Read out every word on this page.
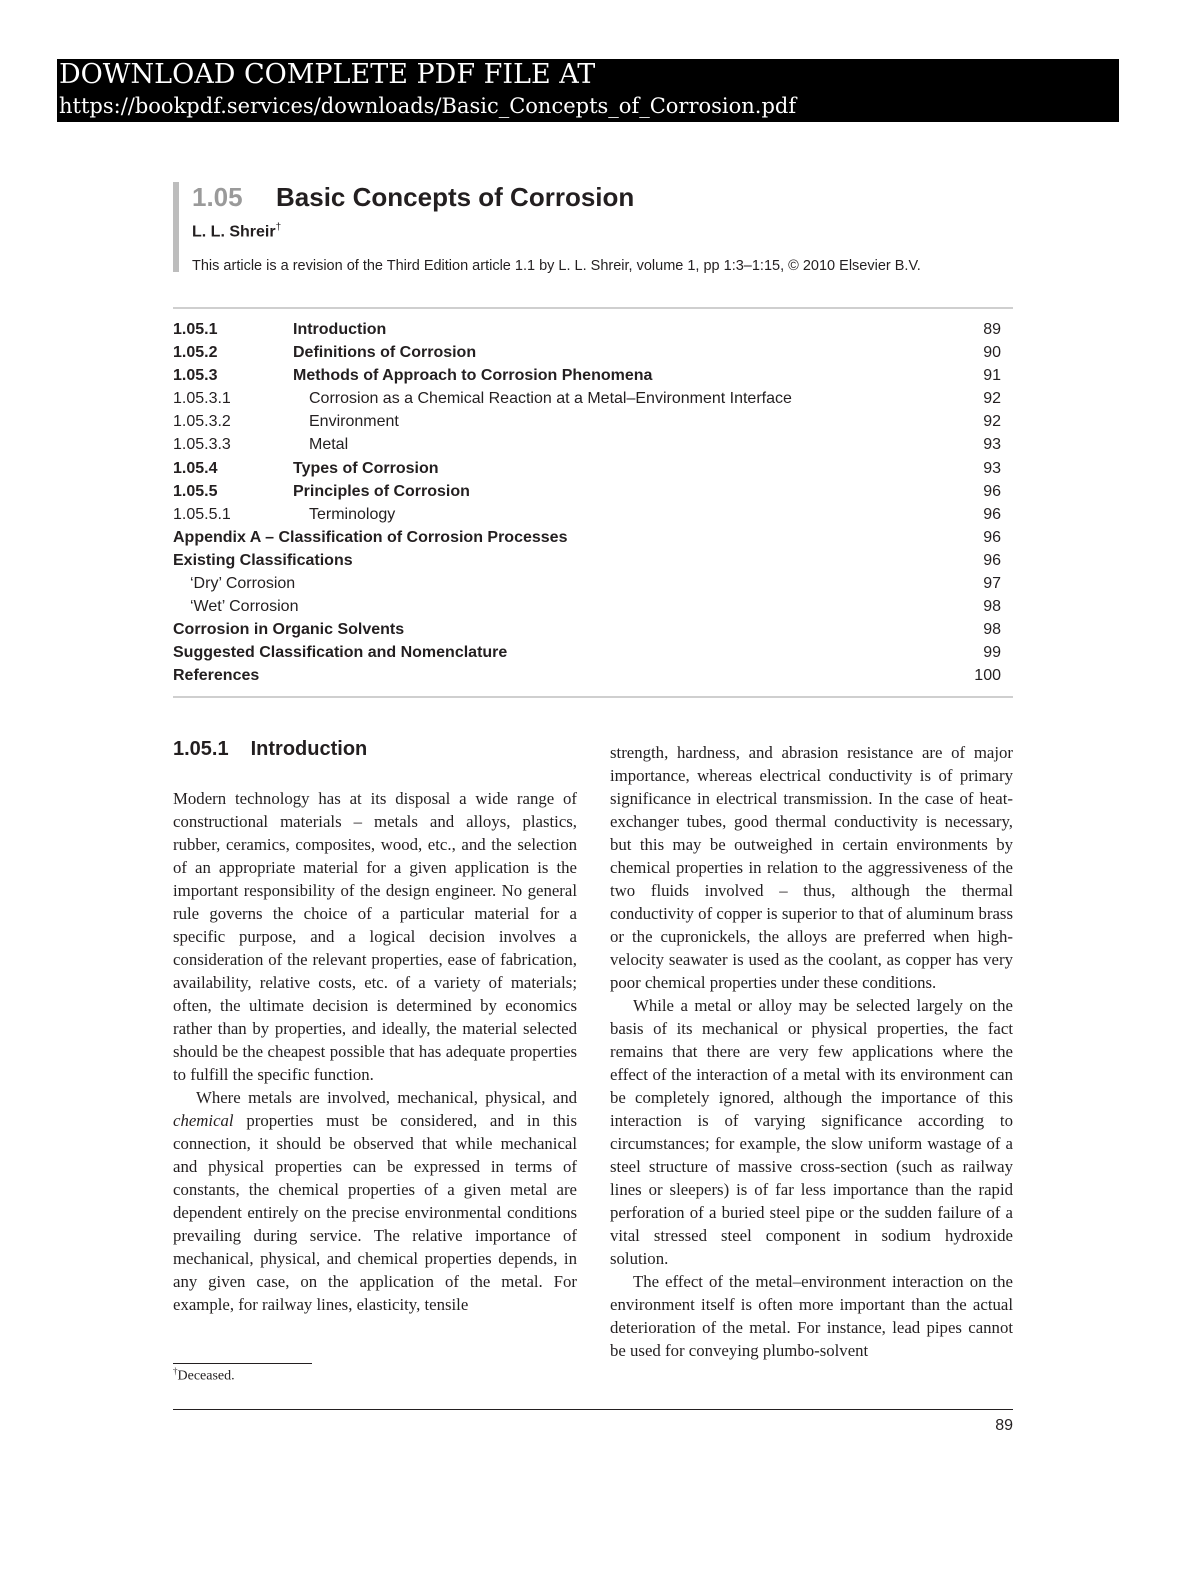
DOWNLOAD COMPLETE PDF FILE AT
https://bookpdf.services/downloads/Basic_Concepts_of_Corrosion.pdf
1.05 Basic Concepts of Corrosion
L. L. Shreir†
This article is a revision of the Third Edition article 1.1 by L. L. Shreir, volume 1, pp 1:3–1:15, © 2010 Elsevier B.V.
1.05.1	Introduction	89
1.05.2	Definitions of Corrosion	90
1.05.3	Methods of Approach to Corrosion Phenomena	91
1.05.3.1	Corrosion as a Chemical Reaction at a Metal–Environment Interface	92
1.05.3.2	Environment	92
1.05.3.3	Metal	93
1.05.4	Types of Corrosion	93
1.05.5	Principles of Corrosion	96
1.05.5.1	Terminology	96
Appendix A – Classification of Corrosion Processes	96
Existing Classifications	96
‘Dry’ Corrosion	97
‘Wet’ Corrosion	98
Corrosion in Organic Solvents	98
Suggested Classification and Nomenclature	99
References	100
1.05.1 Introduction

Modern technology has at its disposal a wide range of constructional materials – metals and alloys, plastics, rubber, ceramics, composites, wood, etc., and the selection of an appropriate material for a given application is the important responsibility of the design engineer. No general rule governs the choice of a particular material for a specific purpose, and a logical decision involves a consideration of the relevant properties, ease of fabrication, availability, relative costs, etc. of a variety of materials; often, the ultimate decision is determined by economics rather than by properties, and ideally, the material selected should be the cheapest possible that has adequate properties to fulfill the specific function.

Where metals are involved, mechanical, physical, and chemical properties must be considered, and in this connection, it should be observed that while mechanical and physical properties can be expressed in terms of constants, the chemical properties of a given metal are dependent entirely on the precise environmental conditions prevailing during service. The relative importance of mechanical, physical, and chemical properties depends, in any given case, on the application of the metal. For example, for railway lines, elasticity, tensile

strength, hardness, and abrasion resistance are of major importance, whereas electrical conductivity is of primary significance in electrical transmission. In the case of heat-exchanger tubes, good thermal conductivity is necessary, but this may be outweighed in certain environments by chemical properties in relation to the aggressiveness of the two fluids involved – thus, although the thermal conductivity of copper is superior to that of aluminum brass or the cupronickels, the alloys are preferred when high-velocity seawater is used as the coolant, as copper has very poor chemical properties under these conditions.

While a metal or alloy may be selected largely on the basis of its mechanical or physical properties, the fact remains that there are very few applications where the effect of the interaction of a metal with its environment can be completely ignored, although the importance of this interaction is of varying significance according to circumstances; for example, the slow uniform wastage of a steel structure of massive cross-section (such as railway lines or sleepers) is of far less importance than the rapid perforation of a buried steel pipe or the sudden failure of a vital stressed steel component in sodium hydroxide solution.

The effect of the metal–environment interaction on the environment itself is often more important than the actual deterioration of the metal. For instance, lead pipes cannot be used for conveying plumbo-solvent

†Deceased.
89
